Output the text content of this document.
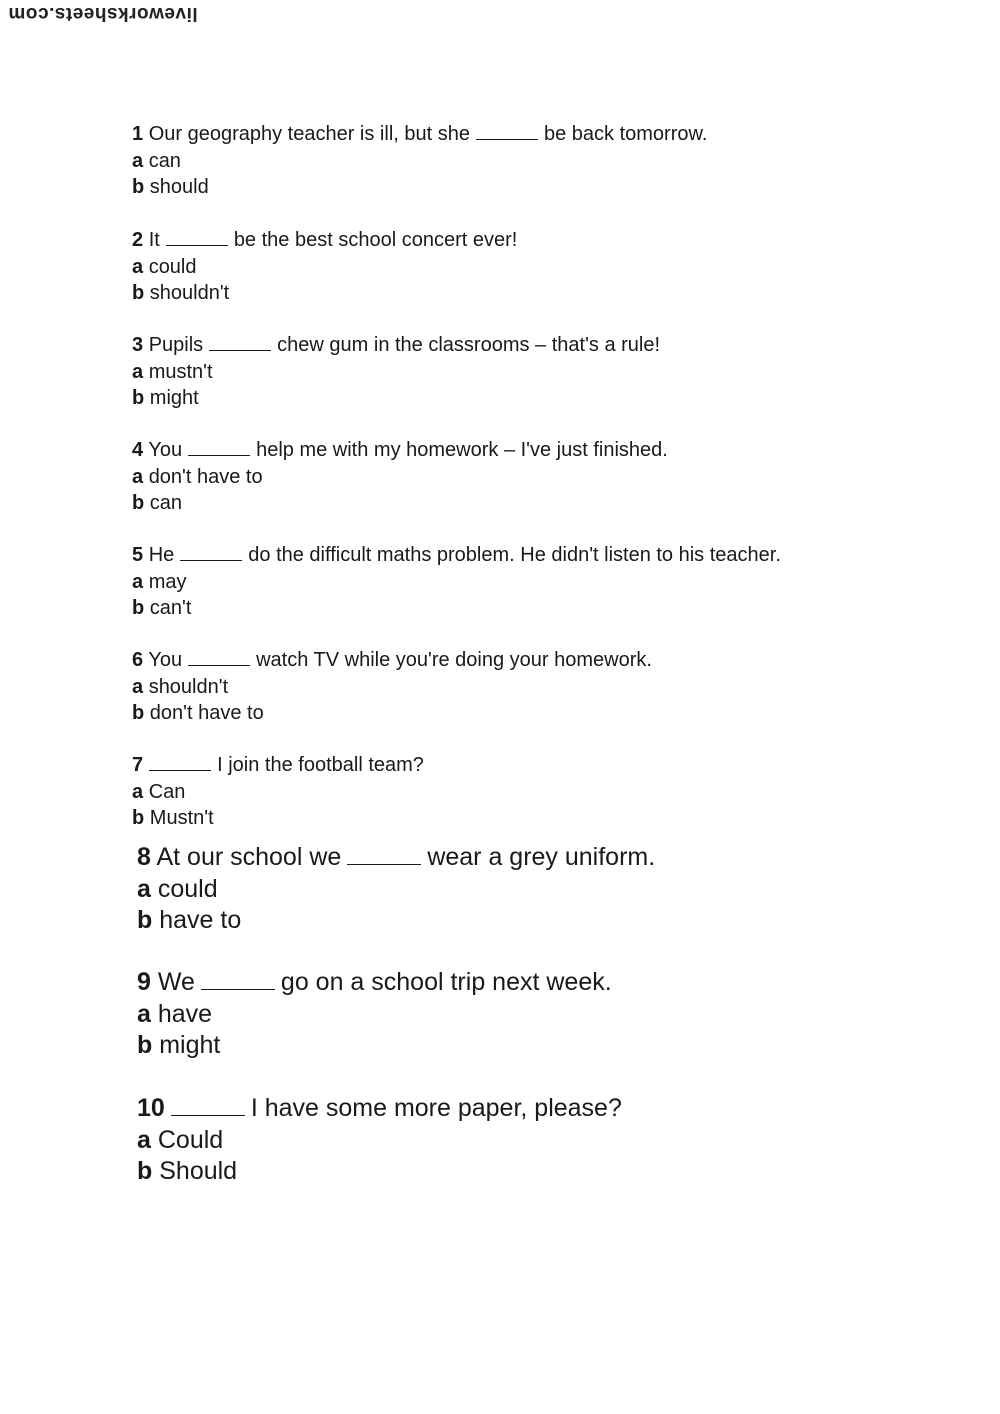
liveworksheets.com
1 Our geography teacher is ill, but she	be back tomorrow.
a can
b should
2 It	be the best school concert ever!
a could
b shouldn't
3 Pupils	chew gum in the classrooms – that's a rule!
a mustn't
b might
4 You	help me with my homework – I've just finished.
a don't have to
b can
5 He	do the difficult maths problem. He didn't listen to his teacher.
a may
b can't
6 You	watch TV while you're doing your homework.
a shouldn't
b don't have to
7	I join the football team?
a Can
b Mustn't
8 At our school we	wear a grey uniform.
a could
b have to
9 We	go on a school trip next week.
a have
b might
10	I have some more paper, please?
a Could
b Should
